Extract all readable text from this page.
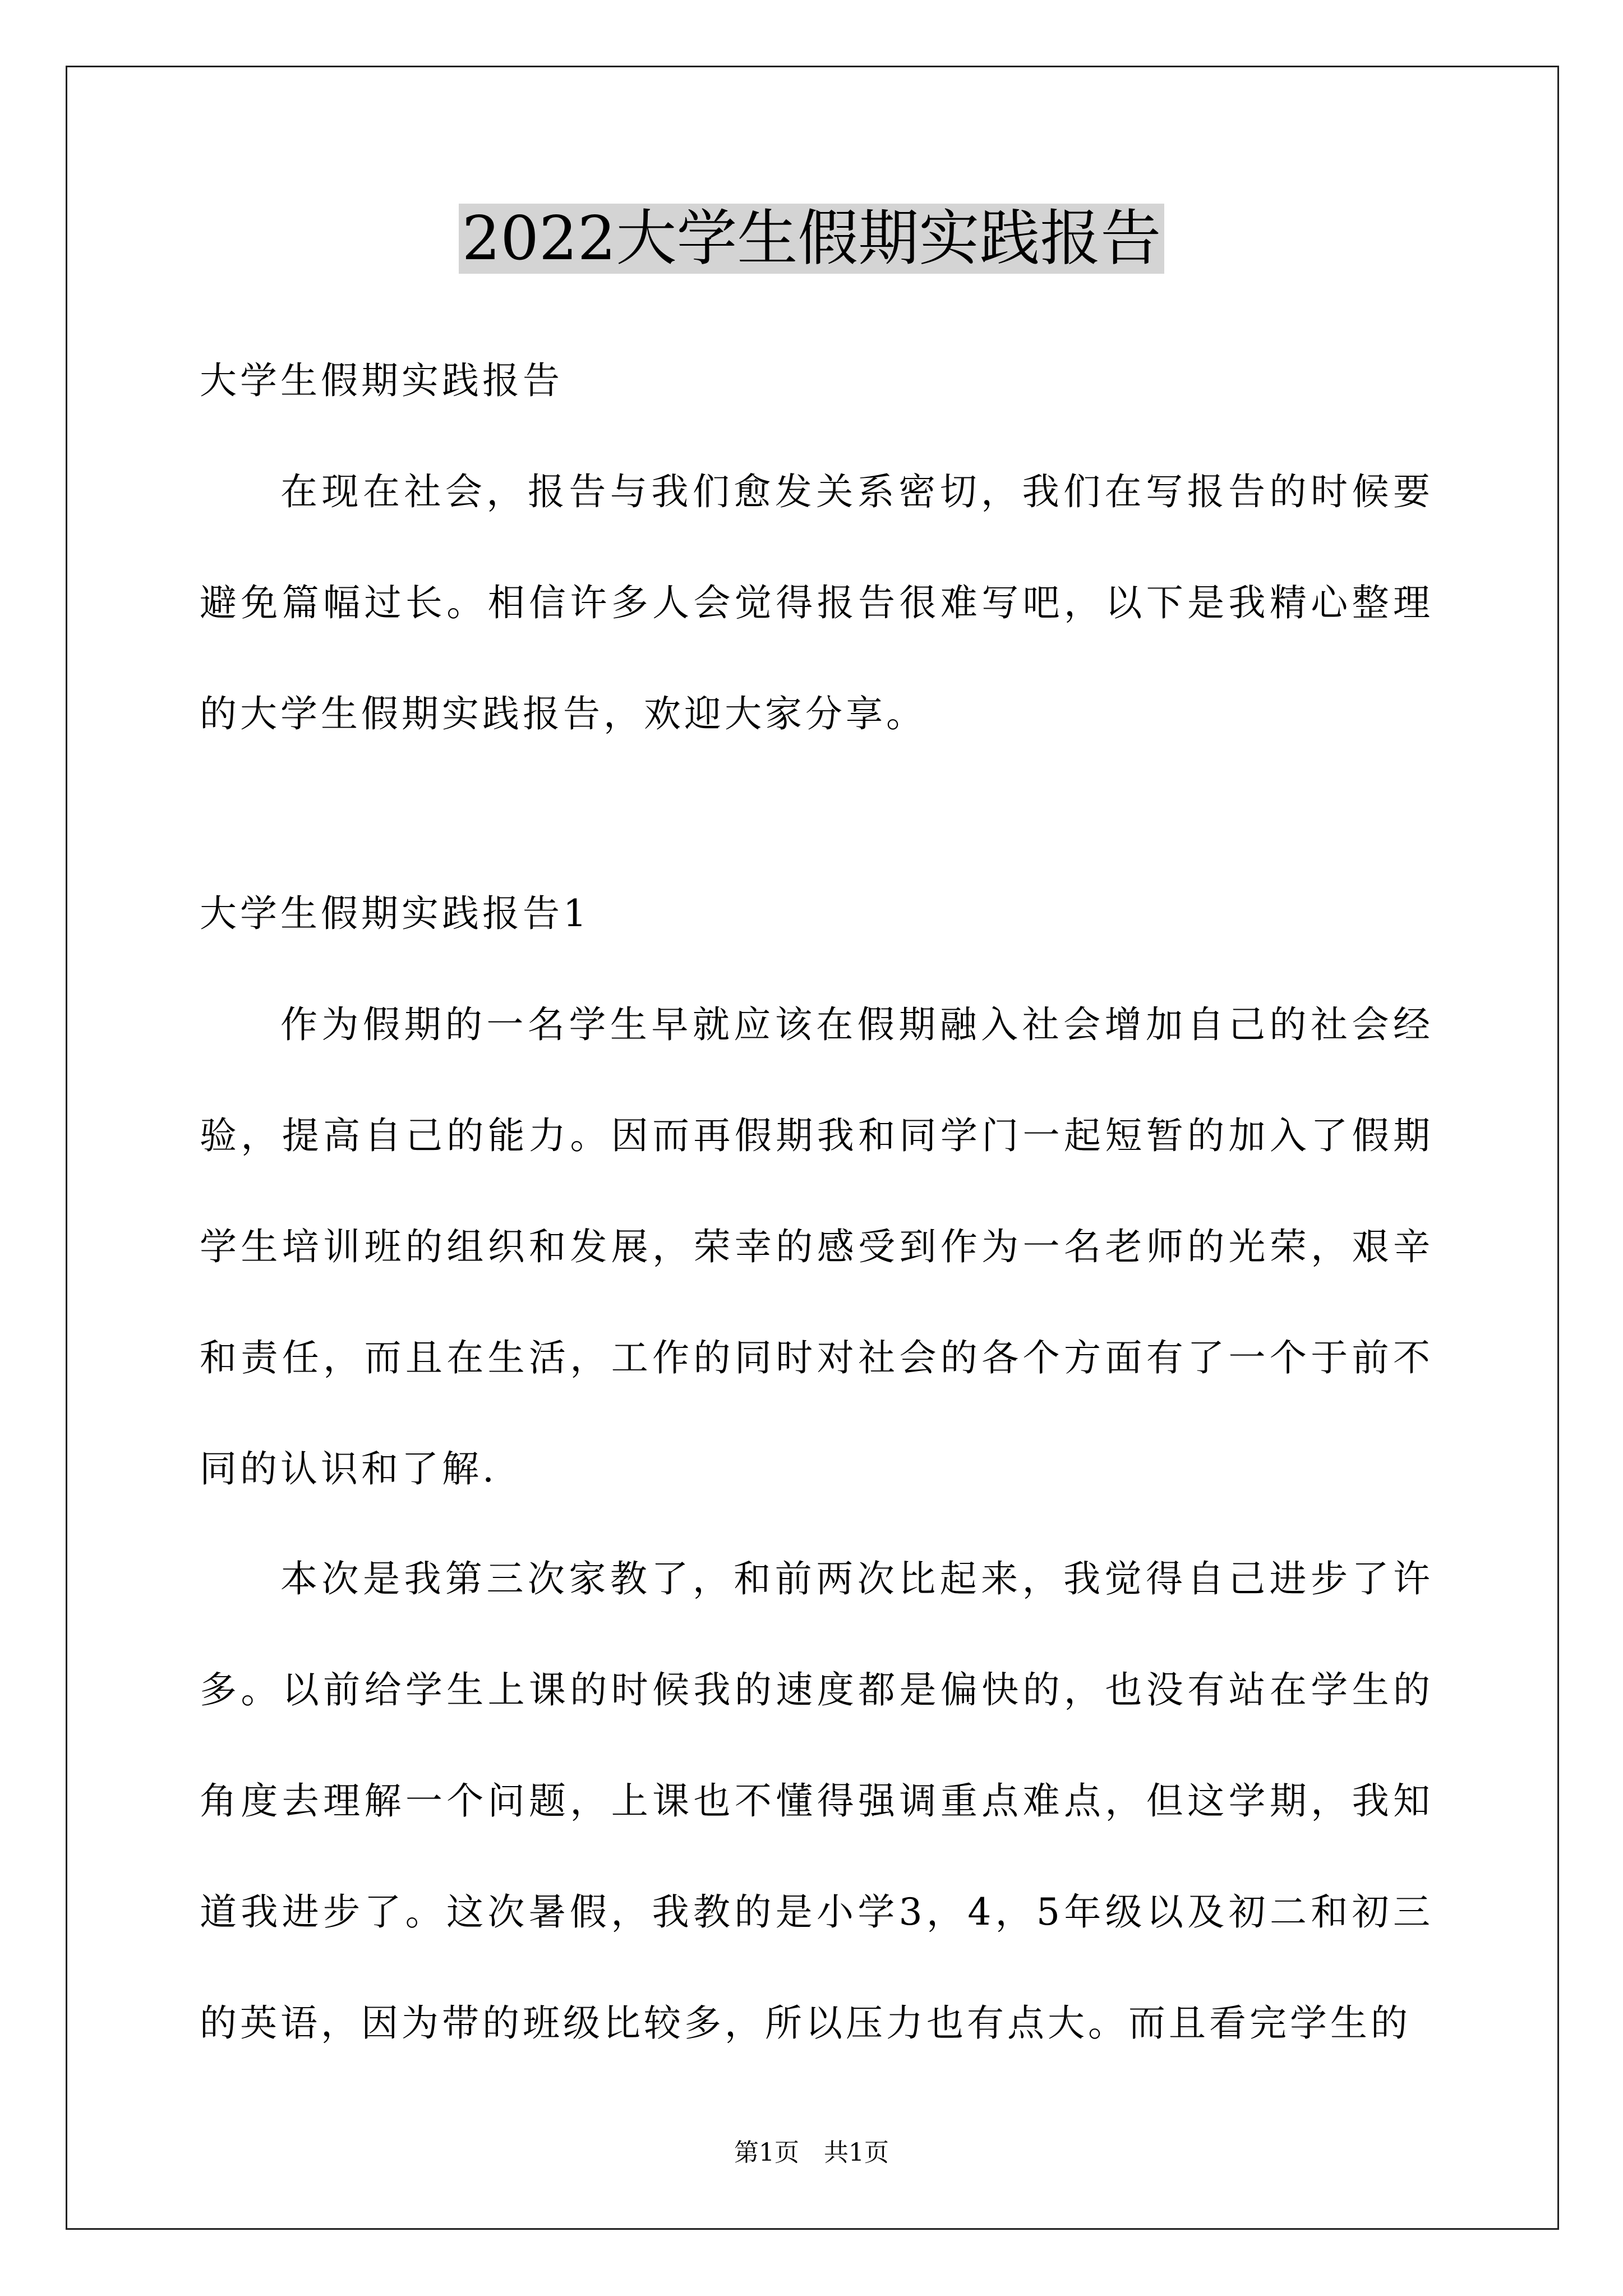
2022大学生假期实践报告

大学生假期实践报告

在现在社会，报告与我们愈发关系密切，我们在写报告的时候要避免篇幅过长。相信许多人会觉得报告很难写吧，以下是我精心整理的大学生假期实践报告，欢迎大家分享。

大学生假期实践报告1

作为假期的一名学生早就应该在假期融入社会增加自己的社会经验，提高自己的能力。因而再假期我和同学门一起短暂的加入了假期学生培训班的组织和发展，荣幸的感受到作为一名老师的光荣，艰辛和责任，而且在生活，工作的同时对社会的各个方面有了一个于前不同的认识和了解.

本次是我第三次家教了，和前两次比起来，我觉得自己进步了许多。以前给学生上课的时候我的速度都是偏快的，也没有站在学生的角度去理解一个问题，上课也不懂得强调重点难点，但这学期，我知道我进步了。这次暑假，我教的是小学3，4，5年级以及初二和初三的英语，因为带的班级比较多，所以压力也有点大。而且看完学生的

第1页 共1页
